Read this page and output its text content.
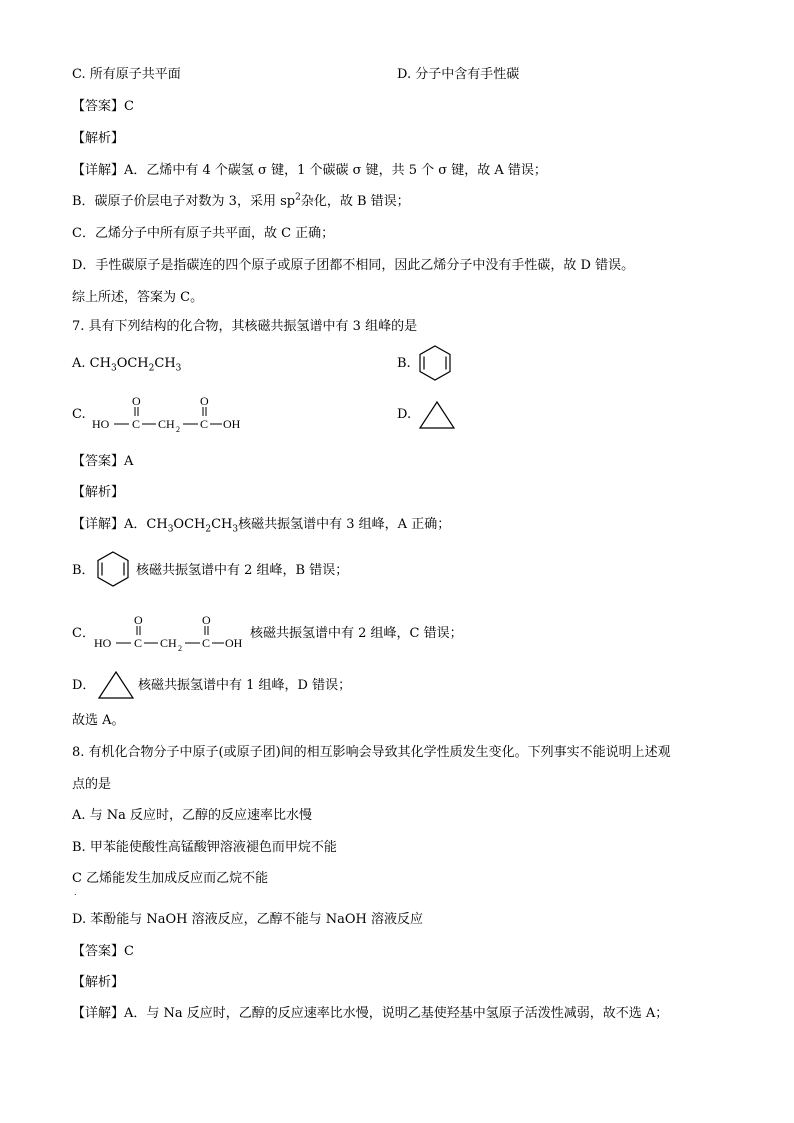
C. 所有原子共平面	D. 分子中含有手性碳
【答案】C
【解析】
【详解】A．乙烯中有 4 个碳氢 σ 键，1 个碳碳 σ 键，共 5 个 σ 键，故 A 错误；
B．碳原子价层电子对数为 3，采用 $sp^2$杂化，故 B 错误；
C．乙烯分子中所有原子共平面，故 C 正确；
D．手性碳原子是指碳连的四个原子或原子团都不相同，因此乙烯分子中没有手性碳，故 D 错误。
综上所述，答案为 C。
7. 具有下列结构的化合物，其核磁共振氢谱中有 3 组峰的是
A. $CH_3OCH_2CH_3$	B.
C.
O
HO C CH 2
O
C OH
D.
【答案】A
【解析】
【详解】A．$CH_3OCH_2CH_3$核磁共振氢谱中有 3 组峰，A 正确；
B．	核磁共振氢谱中有 2 组峰，B 错误；
C．
O
HO C CH 2
O
C OH
核磁共振氢谱中有 2 组峰，C 错误；
D．	核磁共振氢谱中有 1 组峰，D 错误；
故选 A。
8. 有机化合物分子中原子(或原子团)间的相互影响会导致其化学性质发生变化。下列事实不能说明上述观
点的是
A. 与 Na 反应时，乙醇的反应速率比水慢
B. 甲苯能使酸性高锰酸钾溶液褪色而甲烷不能
C 乙烯能发生加成反应而乙烷不能
.
D. 苯酚能与 NaOH 溶液反应，乙醇不能与 NaOH 溶液反应
【答案】C
【解析】
【详解】A．与 Na 反应时，乙醇的反应速率比水慢，说明乙基使羟基中氢原子活泼性减弱，故不选 A；
